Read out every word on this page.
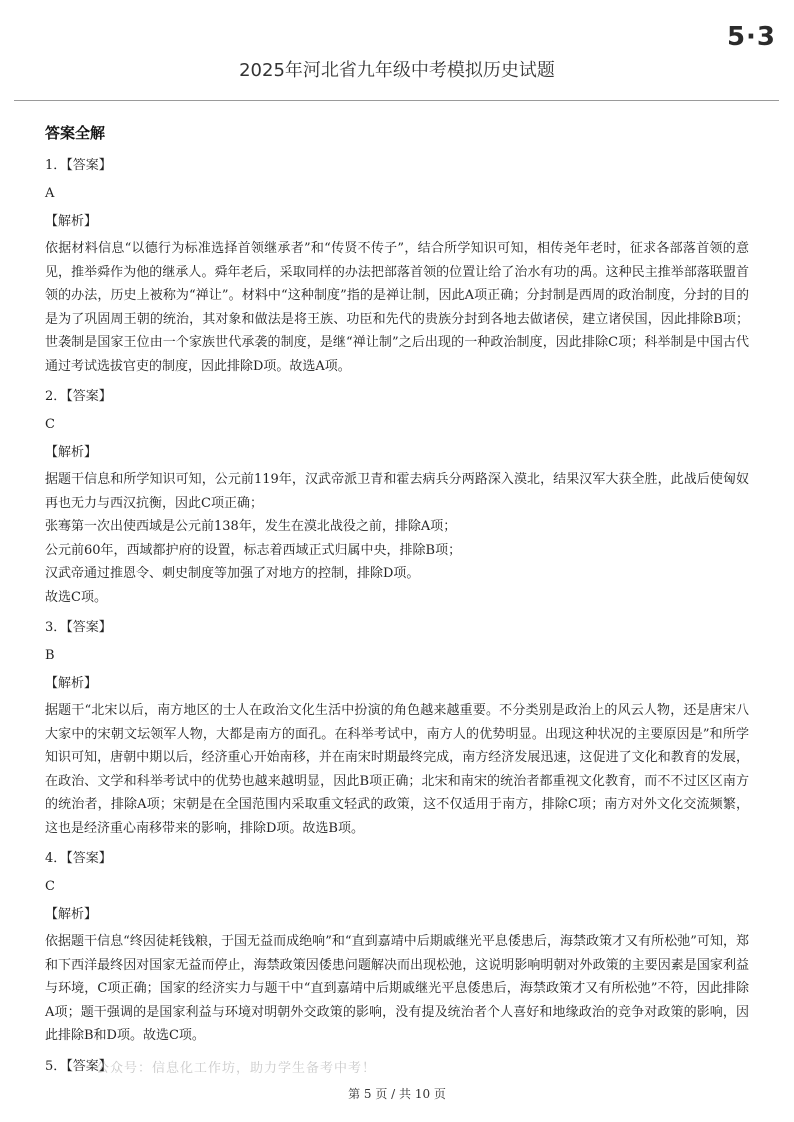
5·3
2025年河北省九年级中考模拟历史试题
答案全解
1．【答案】
A
【解析】

依据材料信息“以德行为标准选择首领继承者”和“传贤不传子”，结合所学知识可知，相传尧年老时，征求各部落首领的意见，推举舜作为他的继承人。舜年老后，采取同样的办法把部落首领的位置让给了治水有功的禹。这种民主推举部落联盟首领的办法，历史上被称为“禅让”。材料中“这种制度”指的是禅让制，因此A项正确；分封制是西周的政治制度，分封的目的是为了巩固周王朝的统治，其对象和做法是将王族、功臣和先代的贵族分封到各地去做诸侯，建立诸侯国，因此排除B项；世袭制是国家王位由一个家族世代承袭的制度，是继“禅让制”之后出现的一种政治制度，因此排除C项；科举制是中国古代通过考试选拔官吏的制度，因此排除D项。故选A项。

2．【答案】
C
【解析】

据题干信息和所学知识可知，公元前119年，汉武帝派卫青和霍去病兵分两路深入漠北，结果汉军大获全胜，此战后使匈奴再也无力与西汉抗衡，因此C项正确；

张骞第一次出使西域是公元前138年，发生在漠北战役之前，排除A项；

公元前60年，西域都护府的设置，标志着西域正式归属中央，排除B项；

汉武帝通过推恩令、刺史制度等加强了对地方的控制，排除D项。

故选C项。

3．【答案】
B
【解析】

据题干“北宋以后，南方地区的士人在政治文化生活中扮演的角色越来越重要。不分类别是政治上的风云人物，还是唐宋八大家中的宋朝文坛领军人物，大都是南方的面孔。在科举考试中，南方人的优势明显。出现这种状况的主要原因是”和所学知识可知，唐朝中期以后，经济重心开始南移，并在南宋时期最终完成，南方经济发展迅速，这促进了文化和教育的发展，在政治、文学和科举考试中的优势也越来越明显，因此B项正确；北宋和南宋的统治者都重视文化教育，而不不过区区南方的统治者，排除A项；宋朝是在全国范围内采取重文轻武的政策，这不仅适用于南方，排除C项；南方对外文化交流频繁，这也是经济重心南移带来的影响，排除D项。故选B项。

4．【答案】
C
【解析】

依据题干信息“终因徒耗钱粮，于国无益而成绝响”和“直到嘉靖中后期戚继光平息倭患后，海禁政策才又有所松弛”可知，郑和下西洋最终因对国家无益而停止，海禁政策因倭患问题解决而出现松弛，这说明影响明朝对外政策的主要因素是国家利益与环境，C项正确；国家的经济实力与题干中“直到嘉靖中后期戚继光平息倭患后，海禁政策才又有所松弛”不符，因此排除A项；题干强调的是国家利益与环境对明朝外交政策的影响，没有提及统治者个人喜好和地缘政治的竞争对政策的影响，因此排除B和D项。故选C项。

5．【答案】
公众号：信息化工作坊，助力学生备考中考！
第 5 页 / 共 10 页
